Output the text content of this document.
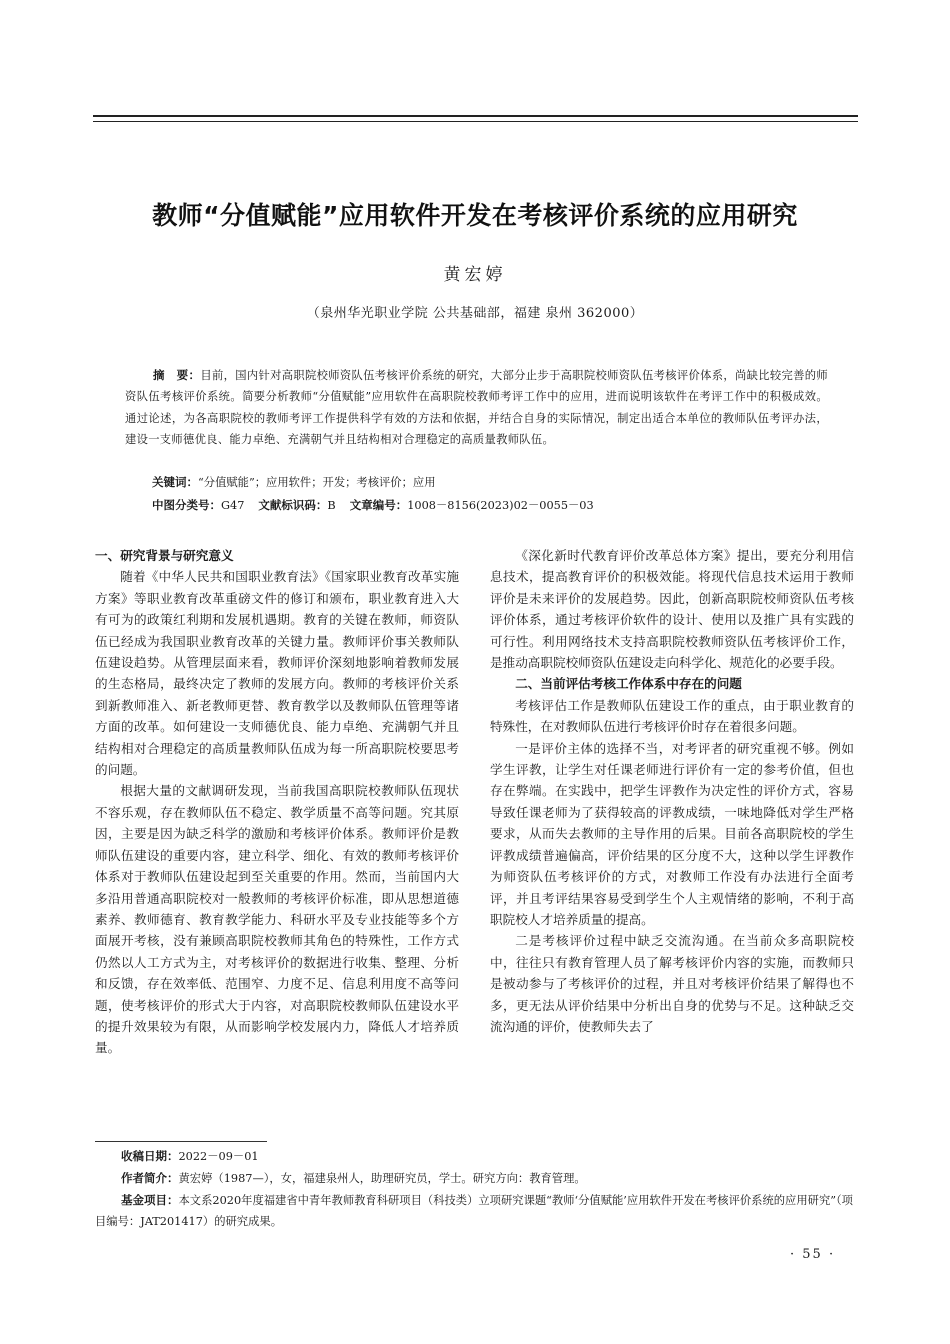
教师“分值赋能”应用软件开发在考核评价系统的应用研究
黄宏婷
（泉州华光职业学院 公共基础部，福建 泉州 362000）
摘　要：目前，国内针对高职院校师资队伍考核评价系统的研究，大部分止步于高职院校师资队伍考核评价体系，尚缺比较完善的师资队伍考核评价系统。简要分析教师“分值赋能”应用软件在高职院校教师考评工作中的应用，进而说明该软件在考评工作中的积极成效。通过论述，为各高职院校的教师考评工作提供科学有效的方法和依据，并结合自身的实际情况，制定出适合本单位的教师队伍考评办法，建设一支师德优良、能力卓绝、充满朝气并且结构相对合理稳定的高质量教师队伍。
关键词：“分值赋能”；应用软件；开发；考核评价；应用
中图分类号：G47 文献标识码：B 文章编号：1008－8156(2023)02－0055－03
一、研究背景与研究意义

随着《中华人民共和国职业教育法》《国家职业教育改革实施方案》等职业教育改革重磅文件的修订和颁布，职业教育进入大有可为的政策红利期和发展机遇期。教育的关键在教师，师资队伍已经成为我国职业教育改革的关键力量。教师评价事关教师队伍建设趋势。从管理层面来看，教师评价深刻地影响着教师发展的生态格局，最终决定了教师的发展方向。教师的考核评价关系到新教师准入、新老教师更替、教育教学以及教师队伍管理等诸方面的改革。如何建设一支师德优良、能力卓绝、充满朝气并且结构相对合理稳定的高质量教师队伍成为每一所高职院校要思考的问题。

根据大量的文献调研发现，当前我国高职院校教师队伍现状不容乐观，存在教师队伍不稳定、教学质量不高等问题。究其原因，主要是因为缺乏科学的激励和考核评价体系。教师评价是教师队伍建设的重要内容，建立科学、细化、有效的教师考核评价体系对于教师队伍建设起到至关重要的作用。然而，当前国内大多沿用普通高职院校对一般教师的考核评价标准，即从思想道德素养、教师德育、教育教学能力、科研水平及专业技能等多个方面展开考核，没有兼顾高职院校教师其角色的特殊性，工作方式仍然以人工方式为主，对考核评价的数据进行收集、整理、分析和反馈，存在效率低、范围窄、力度不足、信息利用度不高等问题，使考核评价的形式大于内容，对高职院校教师队伍建设水平的提升效果较为有限，从而影响学校发展内力，降低人才培养质量。

《深化新时代教育评价改革总体方案》提出，要充分利用信息技术，提高教育评价的积极效能。将现代信息技术运用于教师评价是未来评价的发展趋势。因此，创新高职院校师资队伍考核评价体系，通过考核评价软件的设计、使用以及推广具有实践的可行性。利用网络技术支持高职院校教师资队伍考核评价工作，是推动高职院校师资队伍建设走向科学化、规范化的必要手段。

二、当前评估考核工作体系中存在的问题

考核评估工作是教师队伍建设工作的重点，由于职业教育的特殊性，在对教师队伍进行考核评价时存在着很多问题。

一是评价主体的选择不当，对考评者的研究重视不够。例如学生评教，让学生对任课老师进行评价有一定的参考价值，但也存在弊端。在实践中，把学生评教作为决定性的评价方式，容易导致任课老师为了获得较高的评教成绩，一味地降低对学生严格要求，从而失去教师的主导作用的后果。目前各高职院校的学生评教成绩普遍偏高，评价结果的区分度不大，这种以学生评教作为师资队伍考核评价的方式，对教师工作没有办法进行全面考评，并且考评结果容易受到学生个人主观情绪的影响，不利于高职院校人才培养质量的提高。

二是考核评价过程中缺乏交流沟通。在当前众多高职院校中，往往只有教育管理人员了解考核评价内容的实施，而教师只是被动参与了考核评价的过程，并且对考核评价结果了解得也不多，更无法从评价结果中分析出自身的优势与不足。这种缺乏交流沟通的评价，使教师失去了

收稿日期：2022－09－01

作者简介：黄宏婷（1987—），女，福建泉州人，助理研究员，学士。研究方向：教育管理。

基金项目：本文系2020年度福建省中青年教师教育科研项目（科技类）立项研究课题“教师‘分值赋能’应用软件开发在考核评价系统的应用研究”（项目编号：JAT201417）的研究成果。

· 55 ·
